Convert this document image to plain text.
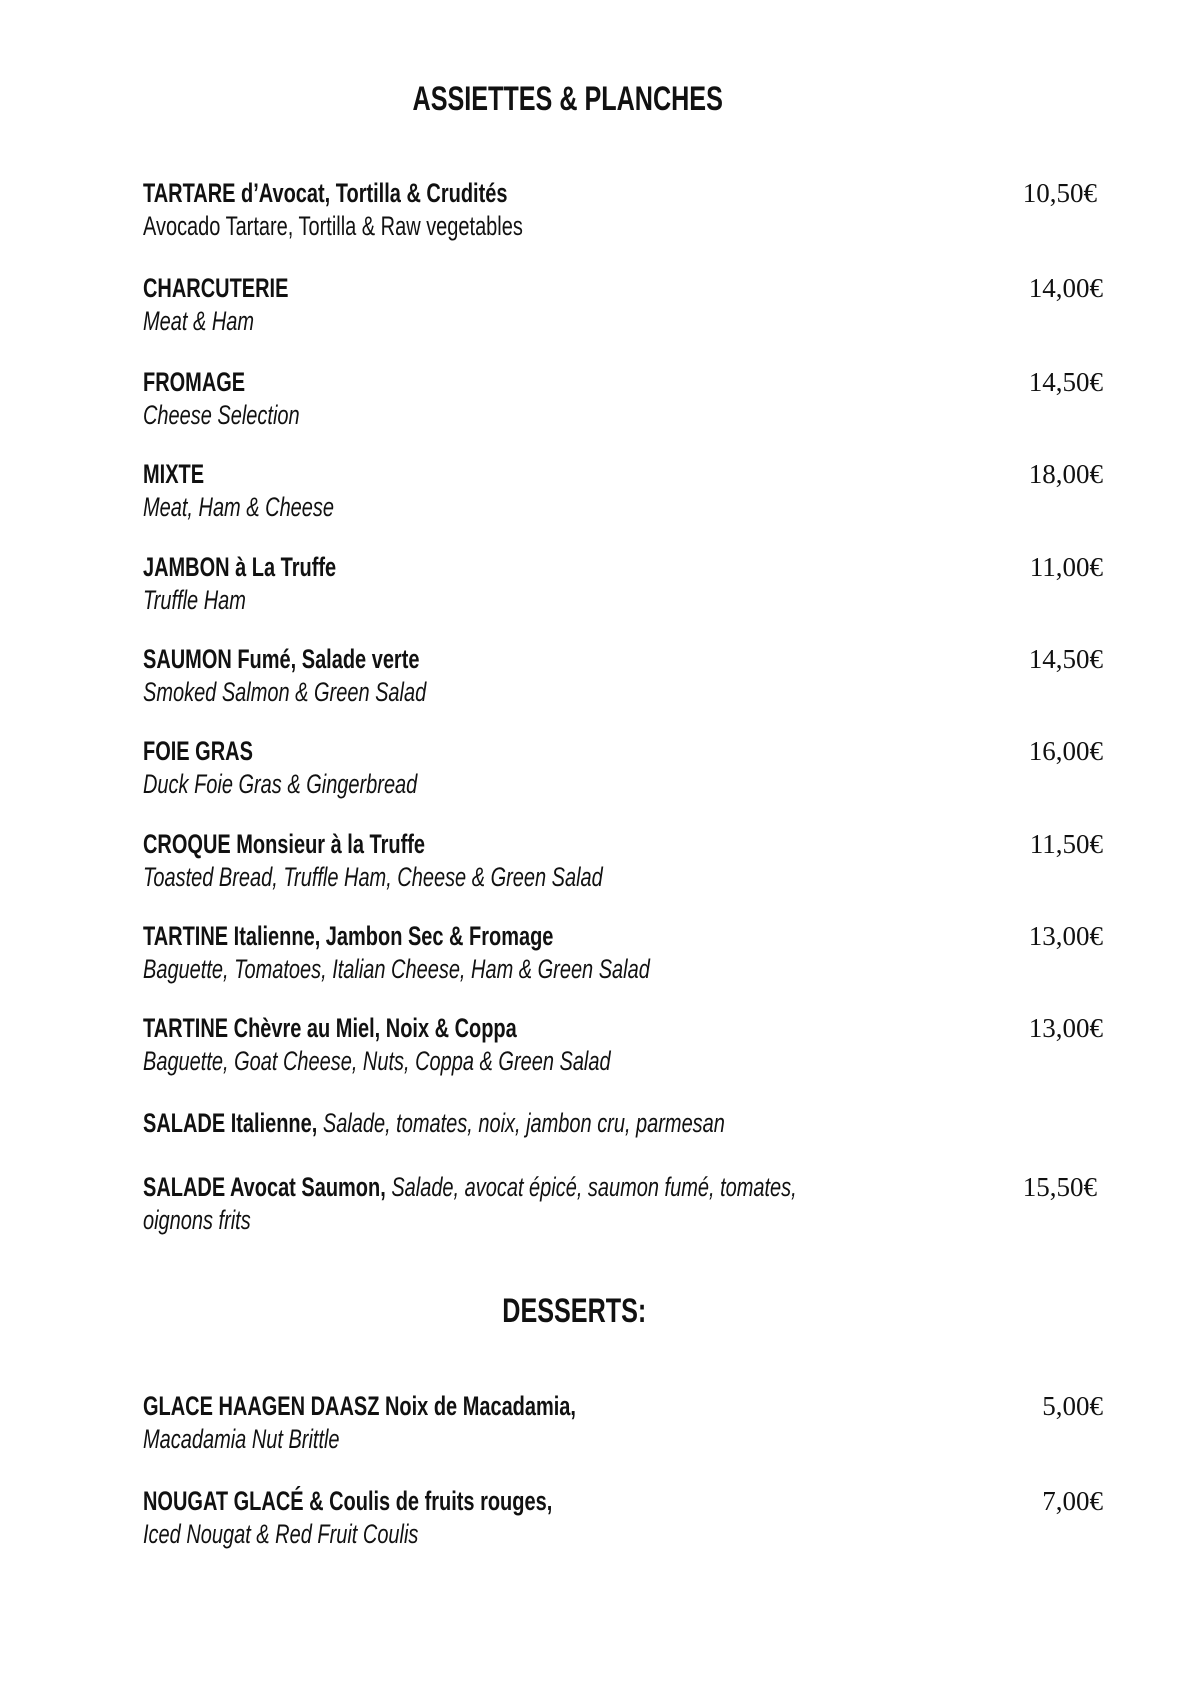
ASSIETTES & PLANCHES
TARTARE d’Avocat, Tortilla & Crudités
Avocado Tartare, Tortilla & Raw vegetables
10,50€
CHARCUTERIE
Meat & Ham
14,00€
FROMAGE
Cheese Selection
14,50€
MIXTE
Meat, Ham & Cheese
18,00€
JAMBON à La Truffe
Truffle Ham
11,00€
SAUMON Fumé, Salade verte
Smoked Salmon & Green Salad
14,50€
FOIE GRAS
Duck Foie Gras & Gingerbread
16,00€
CROQUE Monsieur à la Truffe
Toasted Bread, Truffle Ham, Cheese & Green Salad
11,50€
TARTINE Italienne, Jambon Sec & Fromage
Baguette, Tomatoes, Italian Cheese, Ham & Green Salad
13,00€
TARTINE Chèvre au Miel, Noix & Coppa
Baguette, Goat Cheese, Nuts, Coppa & Green Salad
13,00€
SALADE Italienne, Salade, tomates, noix, jambon cru, parmesan
SALADE Avocat Saumon, Salade, avocat épicé, saumon fumé, tomates,
oignons frits
15,50€
DESSERTS:
GLACE HAAGEN DAASZ Noix de Macadamia,
Macadamia Nut Brittle
5,00€
NOUGAT GLACÉ & Coulis de fruits rouges,
Iced Nougat & Red Fruit Coulis
7,00€
